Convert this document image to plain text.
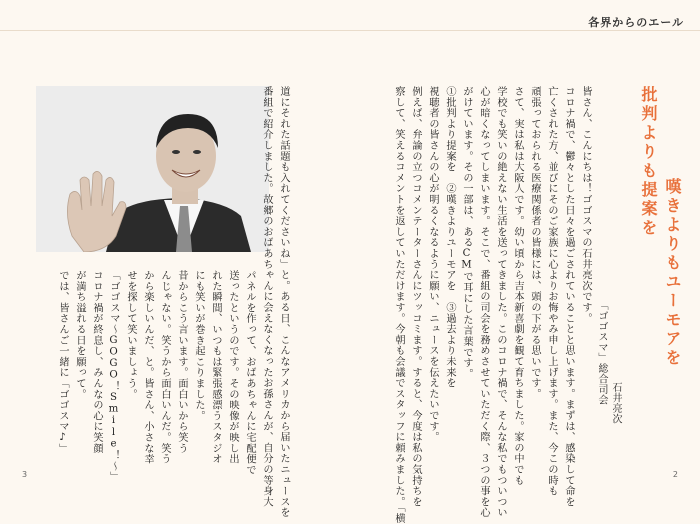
各界からのエール
批判よりも提案を
嘆きよりもユーモアを
「ゴゴスマ」総合司会 石井亮次
皆さん、こんにちは！ゴゴスマの石井亮次です。
コロナ禍で、鬱々とした日々を過ごされていることと思います。まずは、感染して命を
亡くされた方、並びにそのご家族に心よりお悔やみ申し上げます。また、今この時も
頑張っておられる医療関係者の皆様には、頭の下がる思いです。
さて、実は私は大阪人です。幼い頃から吉本新喜劇を観て育ちました。家の中でも
学校でも笑いの絶えない生活を送ってきました。このコロナ禍で、そんな私でもついつい
心が暗くなってしまいます。そこで、番組の司会を務めさせていただく際、３つの事を心
がけています。その一部は、あるCMで耳にした言葉です。
①批判より提案を　②嘆きよりユーモアを　③過去より未来を
視聴者の皆さんの心が明るくなるように願い、ニュースを伝えたいです。
例えば、弁論の立つコメンテーターさんにツッコミます。すると、今度は私の気持ちを
察して、笑えるコメントを返していただけます。今朝も会議でスタッフに頼みました。「横
道にそれた話題も入れてくださいね」と。ある日、こんなアメリカから届いたニュースを
番組で紹介しました。故郷のおばあちゃんに会えなくなったお孫さんが、自分の等身大
パネルを作って、おばあちゃんに宅配便で
送ったというのです。その映像が映し出
れた瞬間、いつもは緊張感漂うスタジオ
にも笑いが巻き起こりました。
昔からこう言います。面白いから笑う
んじゃない。笑うから面白いんだ。笑う
から楽しいんだ、と。皆さん、小さな幸
せを探して笑いましょう。
「ゴゴスマ～GOGO！Smile！～」
コロナ禍が終息し、みんなの心に笑顔
が満ち溢れる日を願って。
では、皆さんご一緒に「ゴゴスマ♪」
3	2
